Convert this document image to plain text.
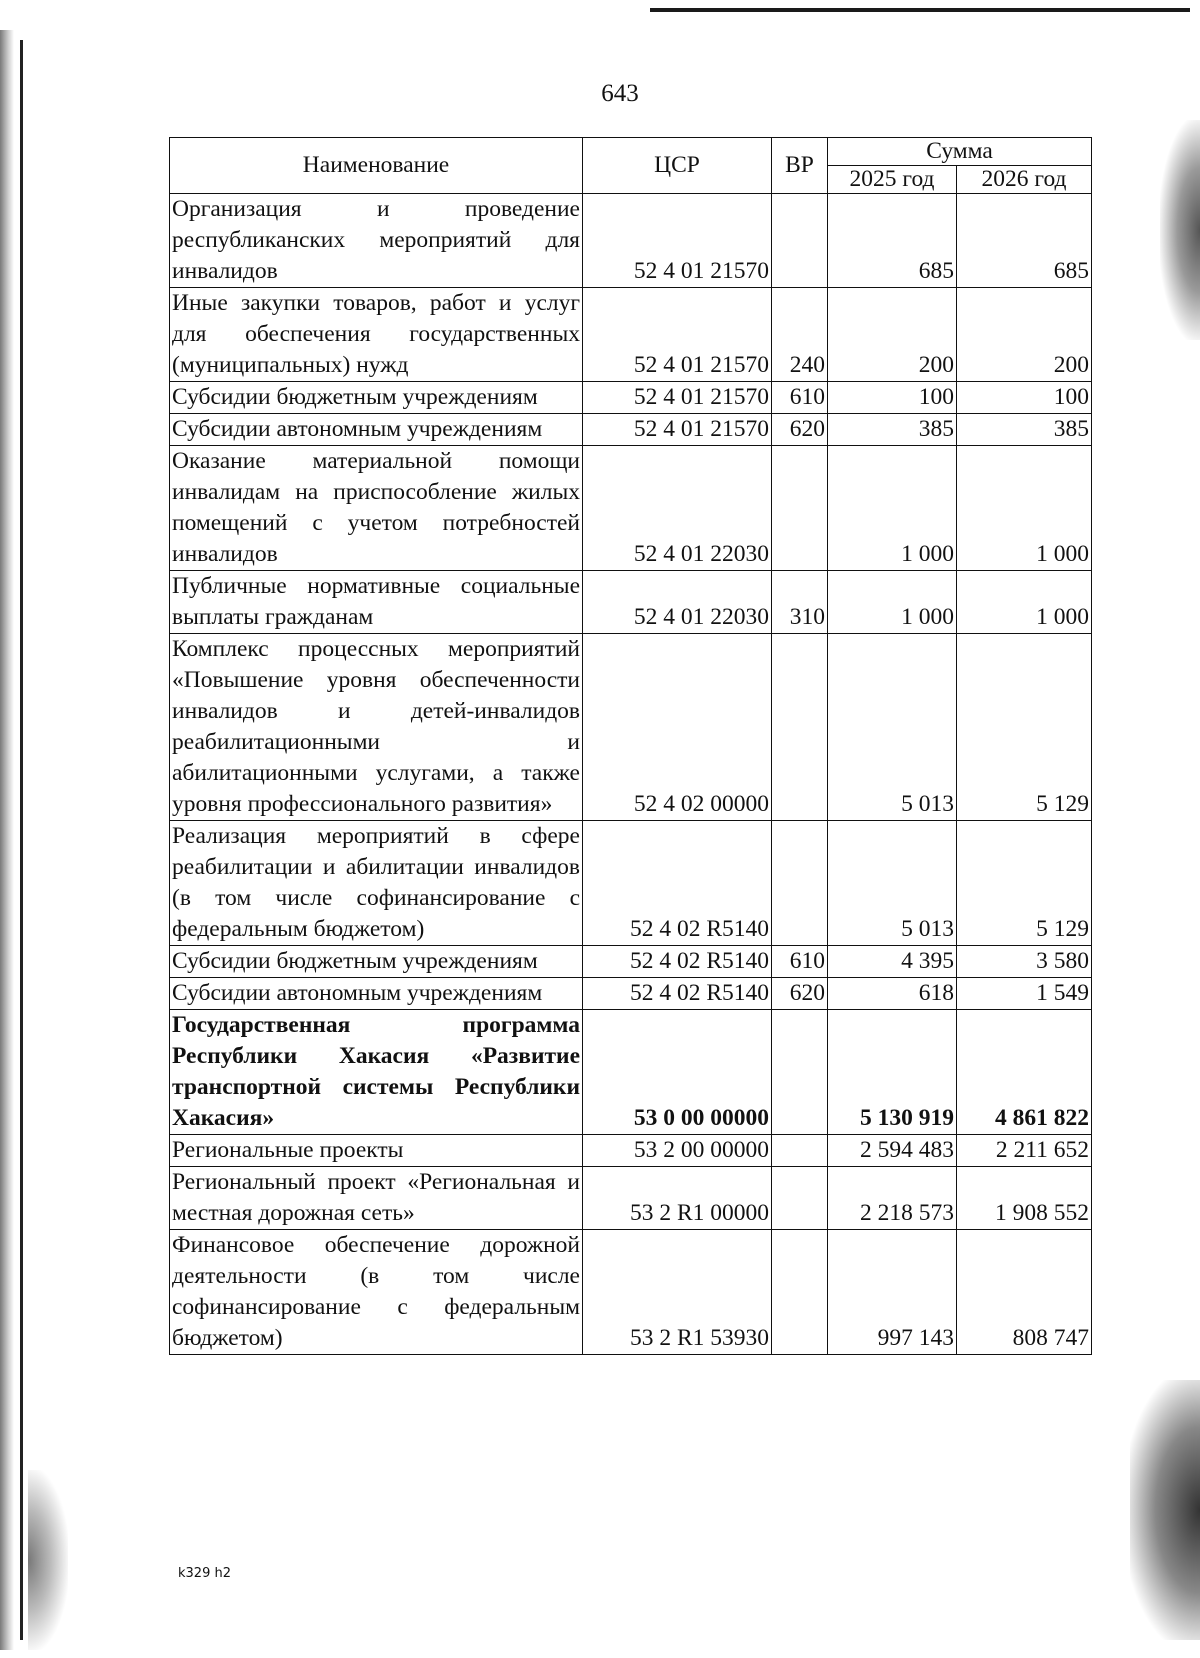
643
Наименование	ЦСР	ВР	Сумма	
			2025 год	2026 год
Организация и проведение республиканских мероприятий для инвалидов	52 4 01 21570		685	685
Иные закупки товаров, работ и услуг для обеспечения государственных (муниципальных) нужд	52 4 01 21570	240	200	200
Субсидии бюджетным учреждениям	52 4 01 21570	610	100	100
Субсидии автономным учреждениям	52 4 01 21570	620	385	385
Оказание материальной помощи инвалидам на приспособление жилых помещений с учетом потребностей инвалидов	52 4 01 22030		1 000	1 000
Публичные нормативные социальные выплаты гражданам	52 4 01 22030	310	1 000	1 000
Комплекс процессных мероприятий «Повышение уровня обеспеченности инвалидов и детей-инвалидов реабилитационными и абилитационными услугами, а также уровня профессионального развития»	52 4 02 00000		5 013	5 129
Реализация мероприятий в сфере реабилитации и абилитации инвалидов (в том числе софинансирование с федеральным бюджетом)	52 4 02 R5140		5 013	5 129
Субсидии бюджетным учреждениям	52 4 02 R5140	610	4 395	3 580
Субсидии автономным учреждениям	52 4 02 R5140	620	618	1 549
Государственная программа Республики Хакасия «Развитие транспортной системы Республики Хакасия»	53 0 00 00000		5 130 919	4 861 822
Региональные проекты	53 2 00 00000		2 594 483	2 211 652
Региональный проект «Региональная и местная дорожная сеть»	53 2 R1 00000		2 218 573	1 908 552
Финансовое обеспечение дорожной деятельности (в том числе софинансирование с федеральным бюджетом)	53 2 R1 53930		997 143	808 747
k329 h2
